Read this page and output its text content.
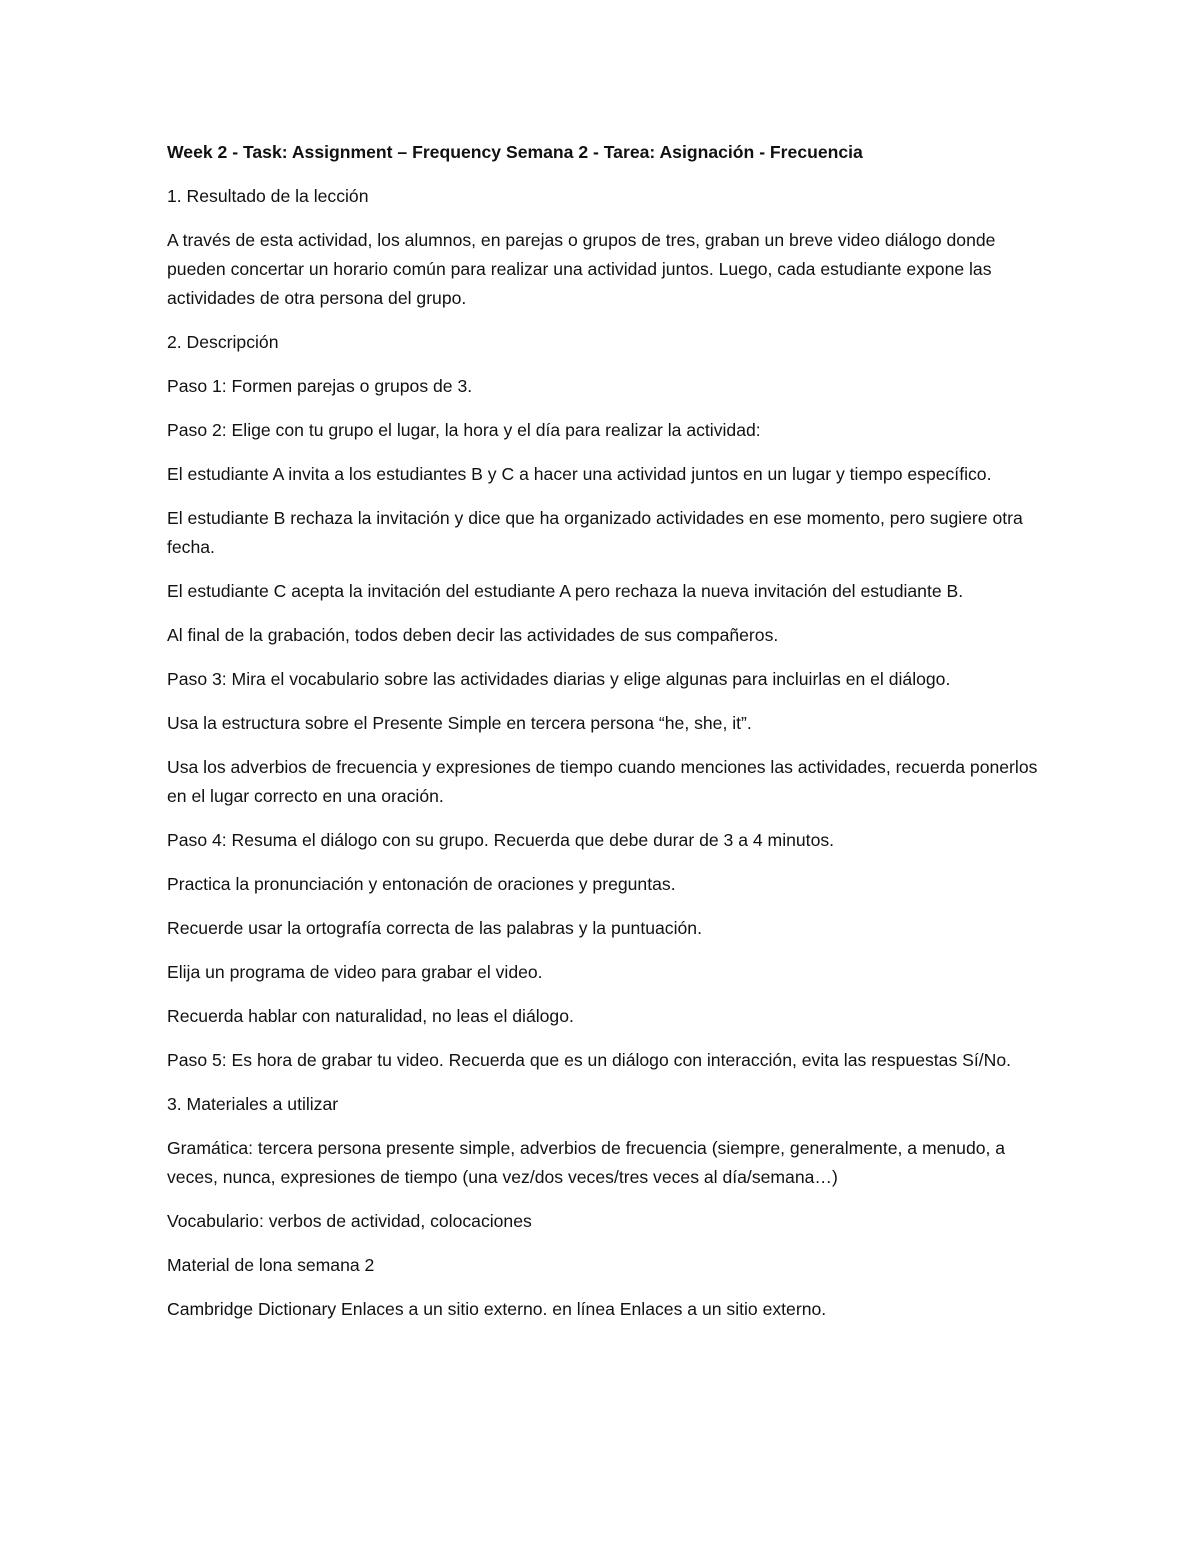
Week 2 - Task: Assignment – Frequency Semana 2 - Tarea: Asignación - Frecuencia

1. Resultado de la lección

A través de esta actividad, los alumnos, en parejas o grupos de tres, graban un breve video diálogo donde pueden concertar un horario común para realizar una actividad juntos. Luego, cada estudiante expone las actividades de otra persona del grupo.

2. Descripción

Paso 1: Formen parejas o grupos de 3.

Paso 2: Elige con tu grupo el lugar, la hora y el día para realizar la actividad:

El estudiante A invita a los estudiantes B y C a hacer una actividad juntos en un lugar y tiempo específico.

El estudiante B rechaza la invitación y dice que ha organizado actividades en ese momento, pero sugiere otra fecha.

El estudiante C acepta la invitación del estudiante A pero rechaza la nueva invitación del estudiante B.

Al final de la grabación, todos deben decir las actividades de sus compañeros.

Paso 3: Mira el vocabulario sobre las actividades diarias y elige algunas para incluirlas en el diálogo.

Usa la estructura sobre el Presente Simple en tercera persona “he, she, it”.

Usa los adverbios de frecuencia y expresiones de tiempo cuando menciones las actividades, recuerda ponerlos en el lugar correcto en una oración.

Paso 4: Resuma el diálogo con su grupo. Recuerda que debe durar de 3 a 4 minutos.

Practica la pronunciación y entonación de oraciones y preguntas.

Recuerde usar la ortografía correcta de las palabras y la puntuación.

Elija un programa de video para grabar el video.

Recuerda hablar con naturalidad, no leas el diálogo.

Paso 5: Es hora de grabar tu video. Recuerda que es un diálogo con interacción, evita las respuestas Sí/No.

3. Materiales a utilizar

Gramática: tercera persona presente simple, adverbios de frecuencia (siempre, generalmente, a menudo, a veces, nunca, expresiones de tiempo (una vez/dos veces/tres veces al día/semana…)

Vocabulario: verbos de actividad, colocaciones

Material de lona semana 2

Cambridge Dictionary Enlaces a un sitio externo. en línea Enlaces a un sitio externo.
